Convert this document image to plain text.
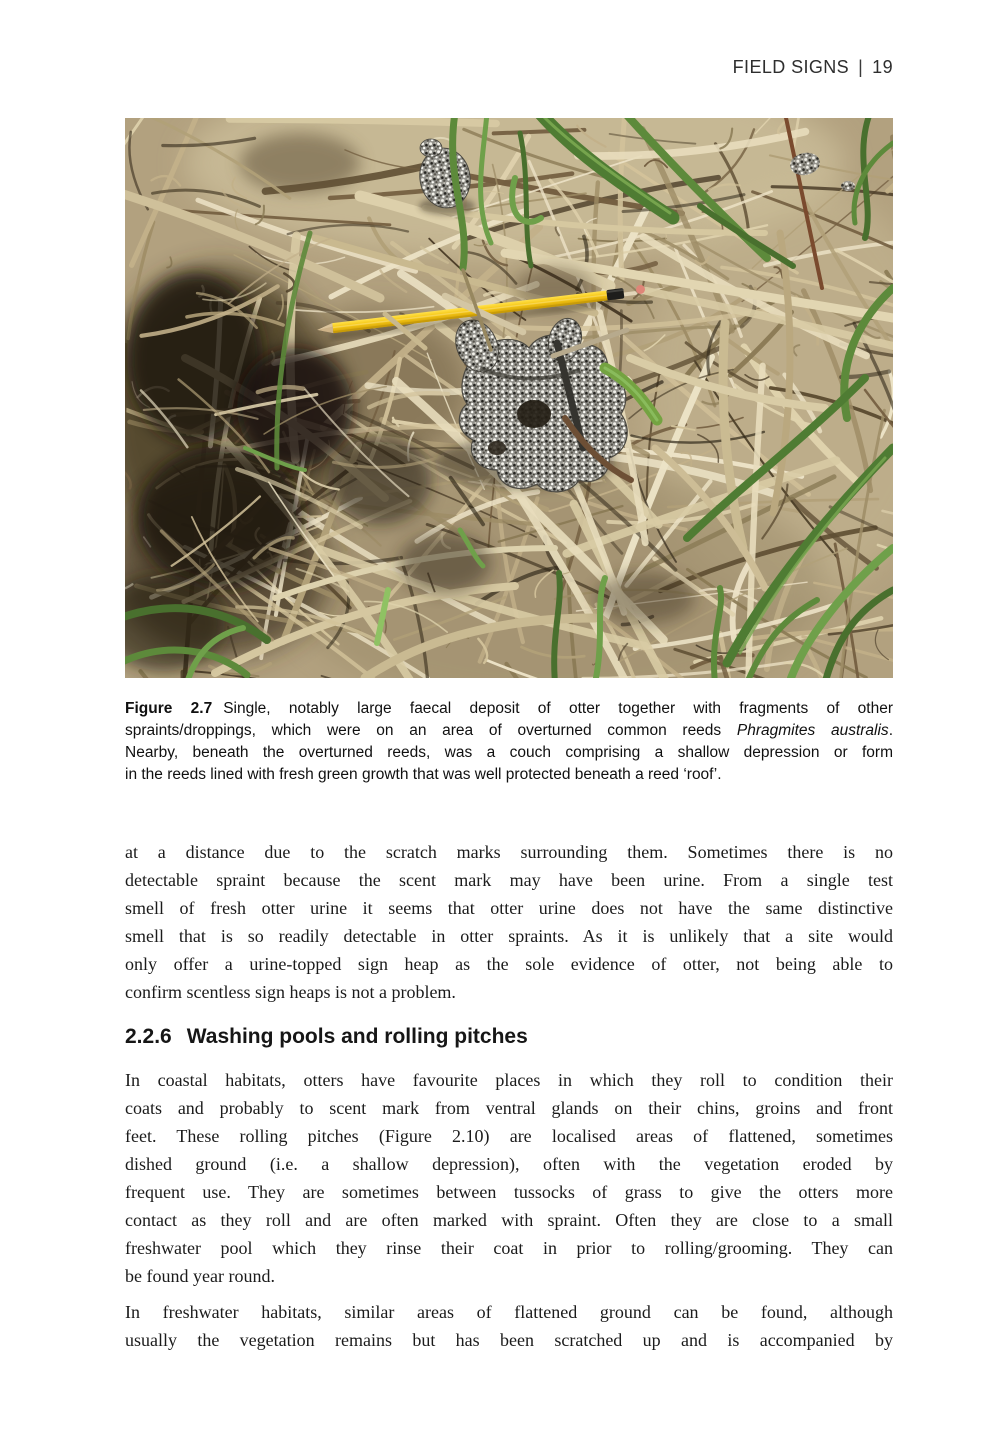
FIELD SIGNS | 19
Figure 2.7 Single, notably large faecal deposit of otter together with fragments of other
spraints/droppings, which were on an area of overturned common reeds Phragmites australis.
Nearby, beneath the overturned reeds, was a couch comprising a shallow depression or form
in the reeds lined with fresh green growth that was well protected beneath a reed ‘roof’.
at a distance due to the scratch marks surrounding them. Sometimes there is no
detectable spraint because the scent mark may have been urine. From a single test
smell of fresh otter urine it seems that otter urine does not have the same distinctive
smell that is so readily detectable in otter spraints. As it is unlikely that a site would
only offer a urine-topped sign heap as the sole evidence of otter, not being able to
confirm scentless sign heaps is not a problem.
2.2.6 Washing pools and rolling pitches
In coastal habitats, otters have favourite places in which they roll to condition their
coats and probably to scent mark from ventral glands on their chins, groins and front
feet. These rolling pitches (Figure 2.10) are localised areas of flattened, sometimes
dished ground (i.e. a shallow depression), often with the vegetation eroded by
frequent use. They are sometimes between tussocks of grass to give the otters more
contact as they roll and are often marked with spraint. Often they are close to a small
freshwater pool which they rinse their coat in prior to rolling/grooming. They can
be found year round.
In freshwater habitats, similar areas of flattened ground can be found, although
usually the vegetation remains but has been scratched up and is accompanied by
